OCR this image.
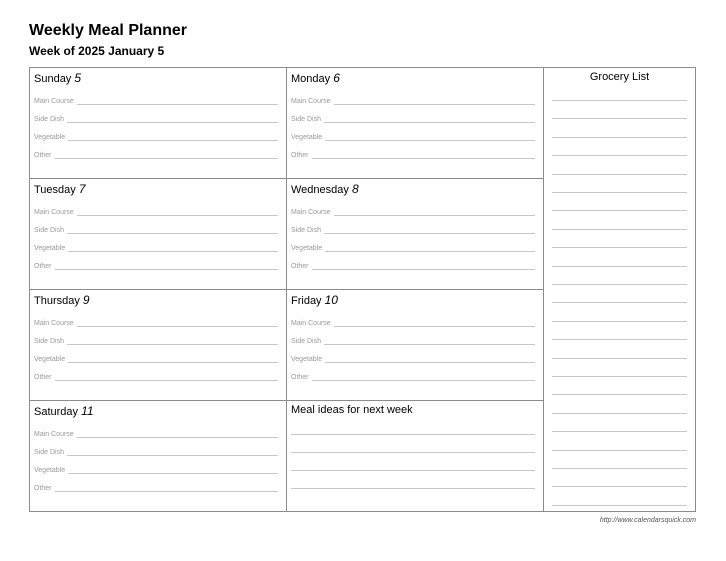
Weekly Meal Planner
Week of 2025 January 5
Sunday 5
Main Course
Side Dish
Vegetable
Other
Monday 6
Main Course
Side Dish
Vegetable
Other
Tuesday 7
Main Course
Side Dish
Vegetable
Other
Wednesday 8
Main Course
Side Dish
Vegetable
Other
Thursday 9
Main Course
Side Dish
Vegetable
Other
Friday 10
Main Course
Side Dish
Vegetable
Other
Saturday 11
Main Course
Side Dish
Vegetable
Other
Meal ideas for next week
Grocery List
http://www.calendarsquick.com
